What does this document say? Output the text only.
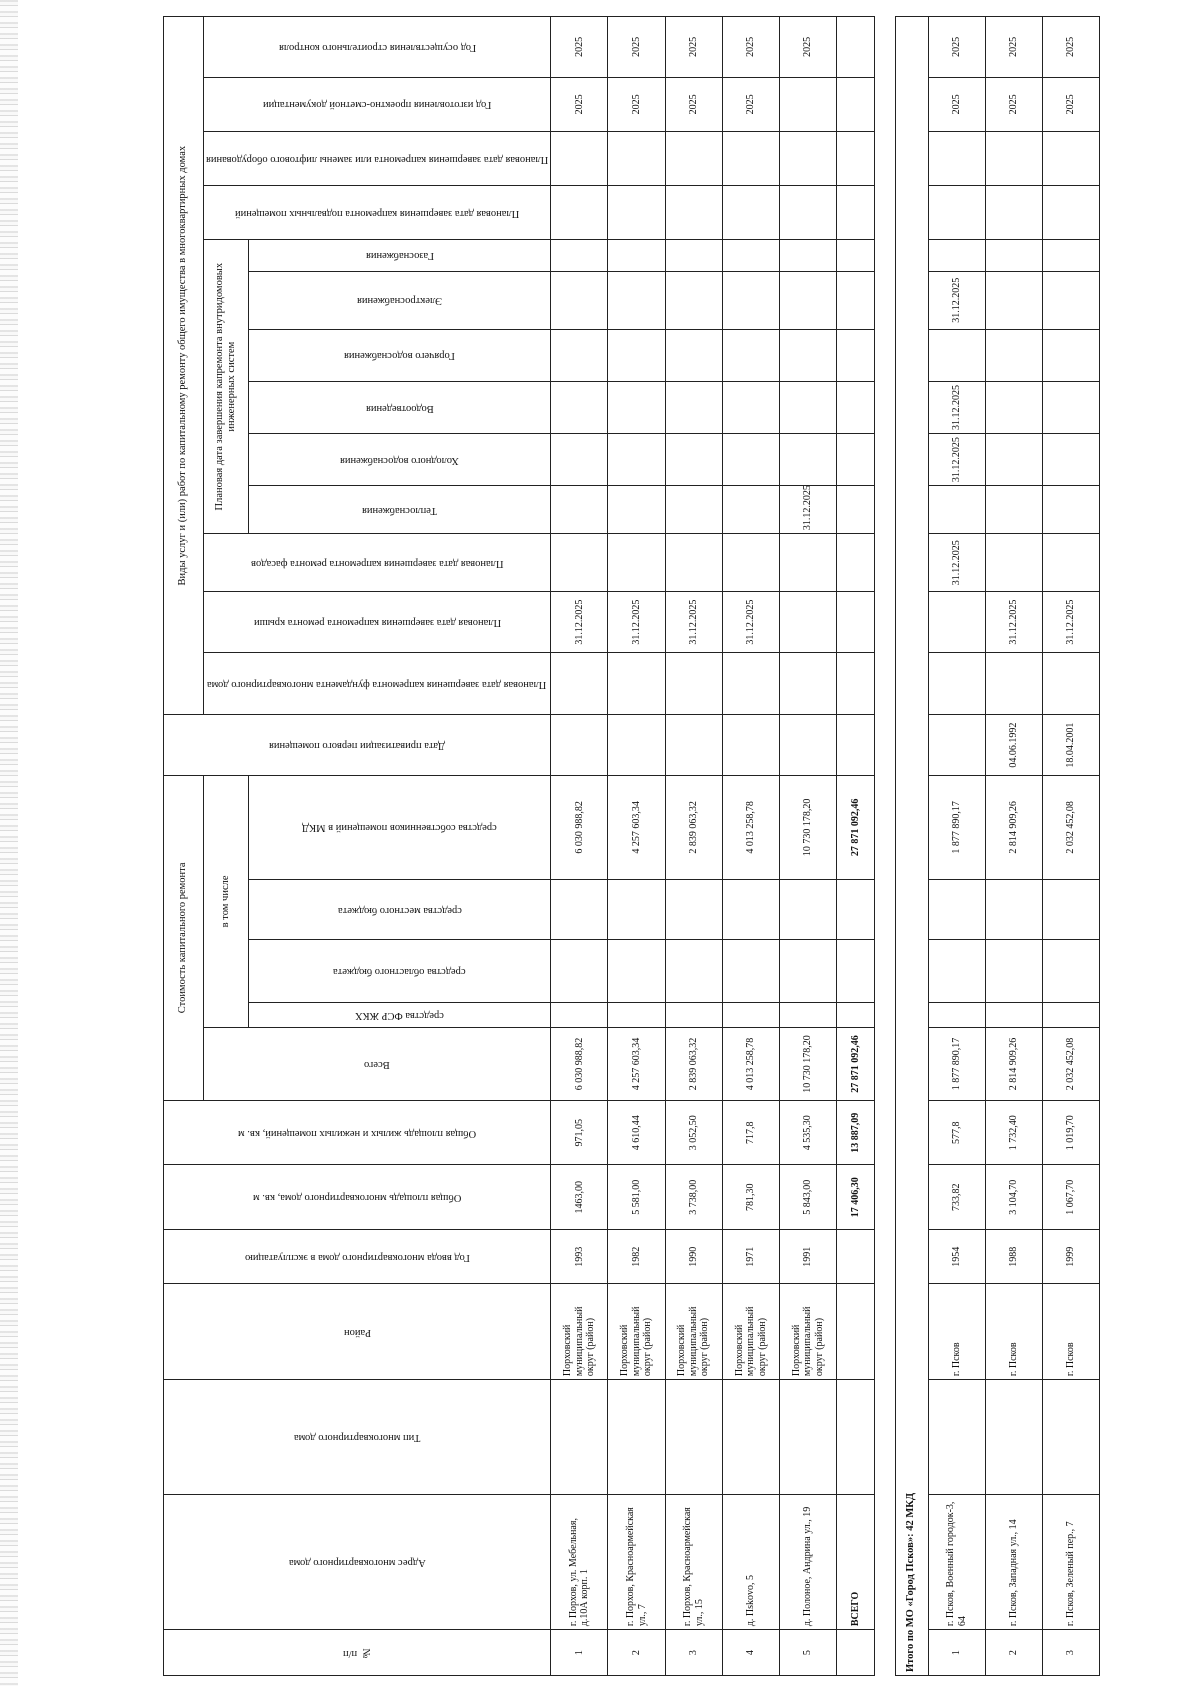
№ п/п	Адрес многоквартирного дома	Тип многоквартирного дома	Район	Год ввода многоквартирного дома в эксплуатацию	Общая площадь многоквартирного дома, кв. м	Общая площадь жилых и нежилых помещений, кв. м	Стоимость капитального ремонта					Дата приватизации первого помещения	Виды услуг и (или) работ по капитальному ремонту общего имущества в многоквартирных домах												

							Всего	в том числе					Плановая дата завершения капремонта фундамента многоквартирного дома	Плановая дата завершения капремонта ремонта крыши	Плановая дата завершения капремонта ремонта фасадов	Плановая дата завершения капремонта внутридомовых инженерных систем						Плановая дата завершения капремонта подвальных помещений	Плановая дата завершения капремонта или замены лифтового оборудования	Год изготовления проектно-сметной документации	Год осуществления строительного контроля

								средства ФСР ЖКХ	средства областного бюджета	средства местного бюджета	средства собственников помещений в МКД					Теплоснабжения	Холодного водоснабжения	Водоотведения	Горячего водоснабжения	Электроснабжения	Газоснабжения				

1	г. Порхов, ул. Мебельная, д.10А корп. 1		Порховский муниципальный округ (район)	1993	1463,00	971,05	6 030 988,82				6 030 988,82			31.12.2025										2025	2025
2	г. Порхов, Красноармейская ул., 7		Порховский муниципальный округ (район)	1982	5 581,00	4 610,44	4 257 603,34				4 257 603,34			31.12.2025										2025	2025
3	г. Порхов, Красноармейская ул., 15		Порховский муниципальный округ (район)	1990	3 738,00	3 052,50	2 839 063,32				2 839 063,32			31.12.2025										2025	2025
4	д. Пskovo, 5		Порховский муниципальный округ (район)	1971	781,30	717,8	4 013 258,78				4 013 258,78			31.12.2025										2025	2025
5	д. Полоное, Андрина ул., 19		Порховский муниципальный округ (район)	1991	5 843,00	4 535,30	10 730 178,20				10 730 178,20					31.12.2025									2025
	ВСЕГО				17 406,30	13 887,09	27 871 092,46				27 871 092,46														

Итого по МО «Город Псков»: 42 МКД																									
1	г. Псков, Военный городок-3, 64		г. Псков	1954	733,82	577,8	1 877 890,17				1 877 890,17				31.12.2025		31.12.2025	31.12.2025		31.12.2025				2025	2025
2	г. Псков, Западная ул., 14		г. Псков	1988	3 104,70	1 732,40	2 814 909,26				2 814 909,26	04.06.1992		31.12.2025										2025	2025
3	г. Псков, Зеленый пер., 7		г. Псков	1999	1 067,70	1 019,70	2 032 452,08				2 032 452,08	18.04.2001		31.12.2025										2025	2025
